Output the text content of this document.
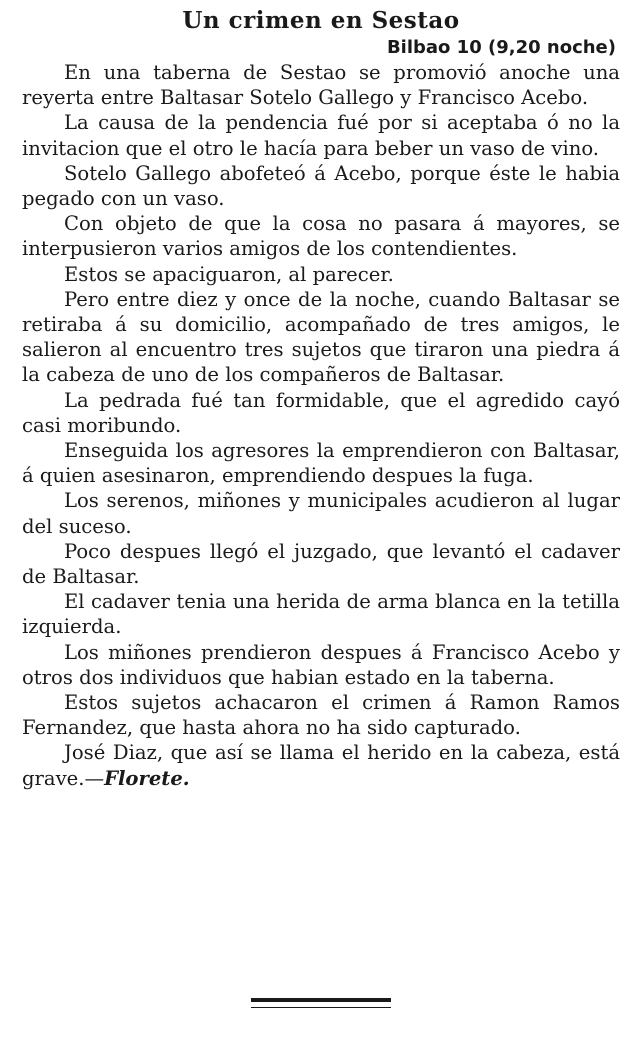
Un crimen en Sestao
Bilbao 10 (9,20 noche)

En una taberna de Sestao se promovió anoche una reyerta entre Baltasar Sotelo Gallego y Francisco Acebo.

La causa de la pendencia fué por si aceptaba ó no la invitacion que el otro le hacía para beber un vaso de vino.

Sotelo Gallego abofeteó á Acebo, porque éste le habia pegado con un vaso.

Con objeto de que la cosa no pasara á mayores, se interpusieron varios amigos de los contendientes.

Estos se apaciguaron, al parecer.

Pero entre diez y once de la noche, cuando Baltasar se retiraba á su domicilio, acompañado de tres amigos, le salieron al encuentro tres sujetos que tiraron una piedra á la cabeza de uno de los compañeros de Baltasar.

La pedrada fué tan formidable, que el agredido cayó casi moribundo.

Enseguida los agresores la emprendieron con Baltasar, á quien asesinaron, emprendiendo despues la fuga.

Los serenos, miñones y municipales acudieron al lugar del suceso.

Poco despues llegó el juzgado, que levantó el cadaver de Baltasar.

El cadaver tenia una herida de arma blanca en la tetilla izquierda.

Los miñones prendieron despues á Francisco Acebo y otros dos individuos que habian estado en la taberna.

Estos sujetos achacaron el crimen á Ramon Ramos Fernandez, que hasta ahora no ha sido capturado.

José Diaz, que así se llama el herido en la cabeza, está grave.—Florete.
